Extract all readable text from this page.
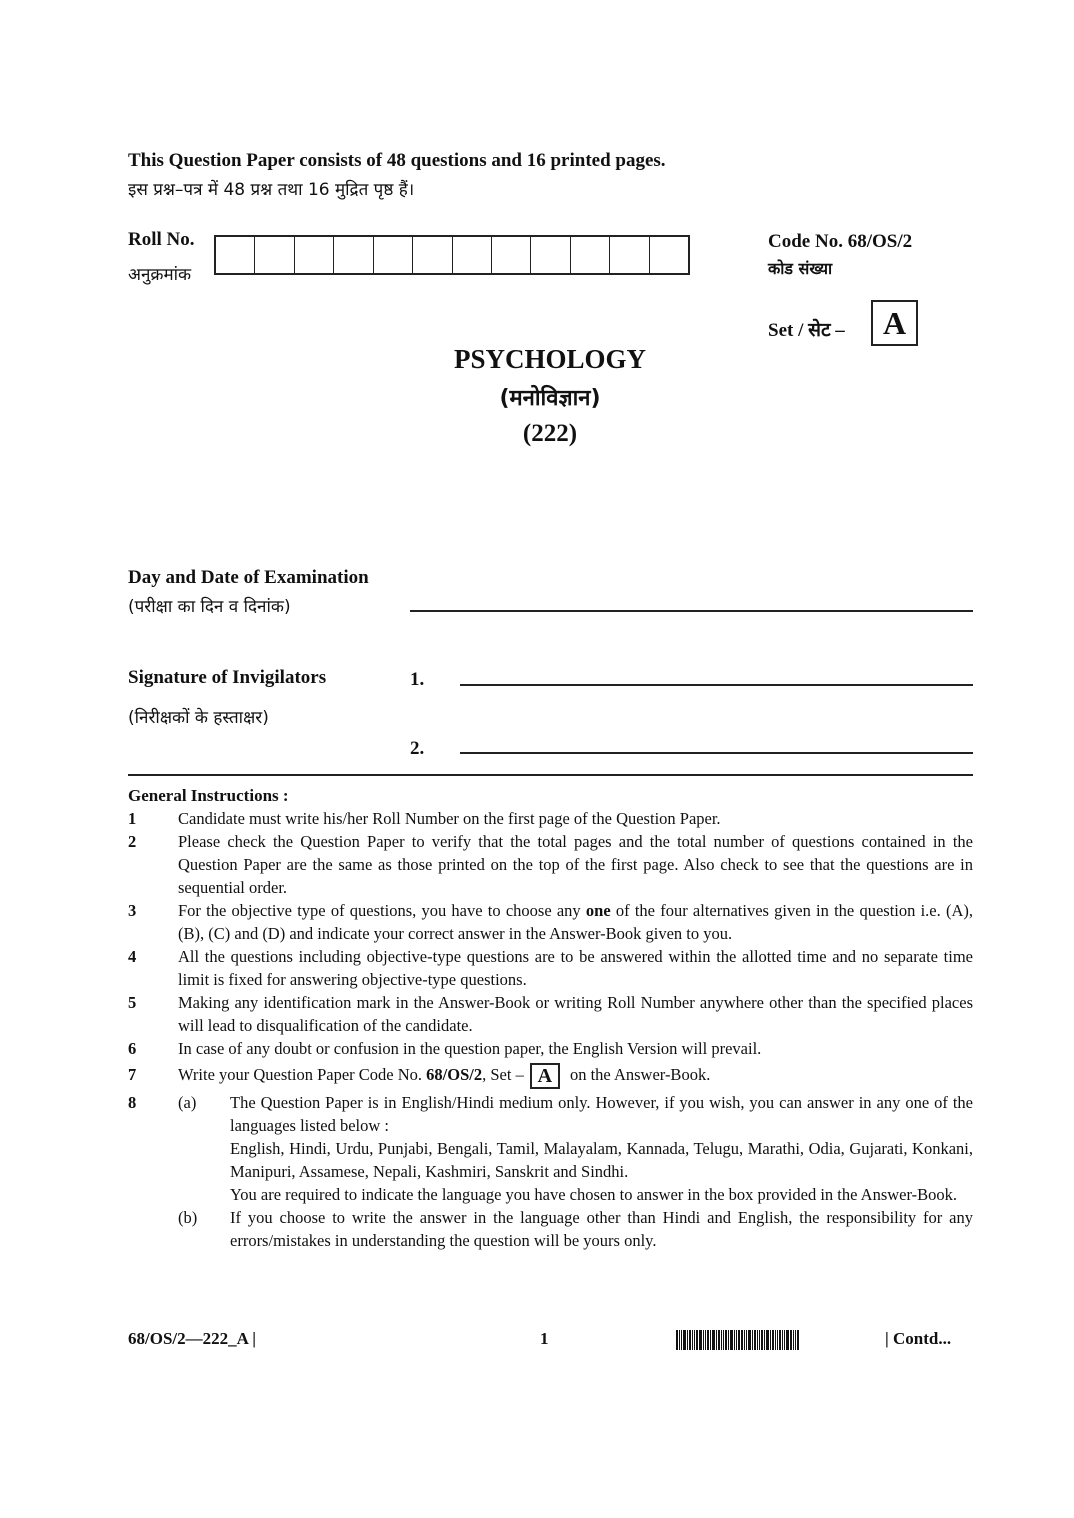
This Question Paper consists of 48 questions and 16 printed pages.
इस प्रश्न–पत्र में 48 प्रश्न तथा 16 मुद्रित पृष्ठ हैं।
Roll No.
अनुक्रमांक
Code No. 68/OS/2
कोड संख्या
Set / सेट – A
PSYCHOLOGY
(मनोविज्ञान)
(222)
Day and Date of Examination
(परीक्षा का दिन व दिनांक)
Signature of Invigilators
(निरीक्षकों के हस्ताक्षर)
1.
2.
General Instructions :
1	Candidate must write his/her Roll Number on the first page of the Question Paper.
2	Please check the Question Paper to verify that the total pages and the total number of questions contained in the Question Paper are the same as those printed on the top of the first page. Also check to see that the questions are in sequential order.
3	For the objective type of questions, you have to choose any one of the four alternatives given in the question i.e. (A), (B), (C) and (D) and indicate your correct answer in the Answer-Book given to you.
4	All the questions including objective-type questions are to be answered within the allotted time and no separate time limit is fixed for answering objective-type questions.
5	Making any identification mark in the Answer-Book or writing Roll Number anywhere other than the specified places will lead to disqualification of the candidate.
6	In case of any doubt or confusion in the question paper, the English Version will prevail.
7	Write your Question Paper Code No. 68/OS/2, Set – A on the Answer-Book.
8	(a)	The Question Paper is in English/Hindi medium only. However, if you wish, you can answer in any one of the languages listed below :
English, Hindi, Urdu, Punjabi, Bengali, Tamil, Malayalam, Kannada, Telugu, Marathi, Odia, Gujarati, Konkani, Manipuri, Assamese, Nepali, Kashmiri, Sanskrit and Sindhi.
You are required to indicate the language you have chosen to answer in the box provided in the Answer-Book.
(b)	If you choose to write the answer in the language other than Hindi and English, the responsibility for any errors/mistakes in understanding the question will be yours only.
68/OS/2—222_A |	1	| Contd...
